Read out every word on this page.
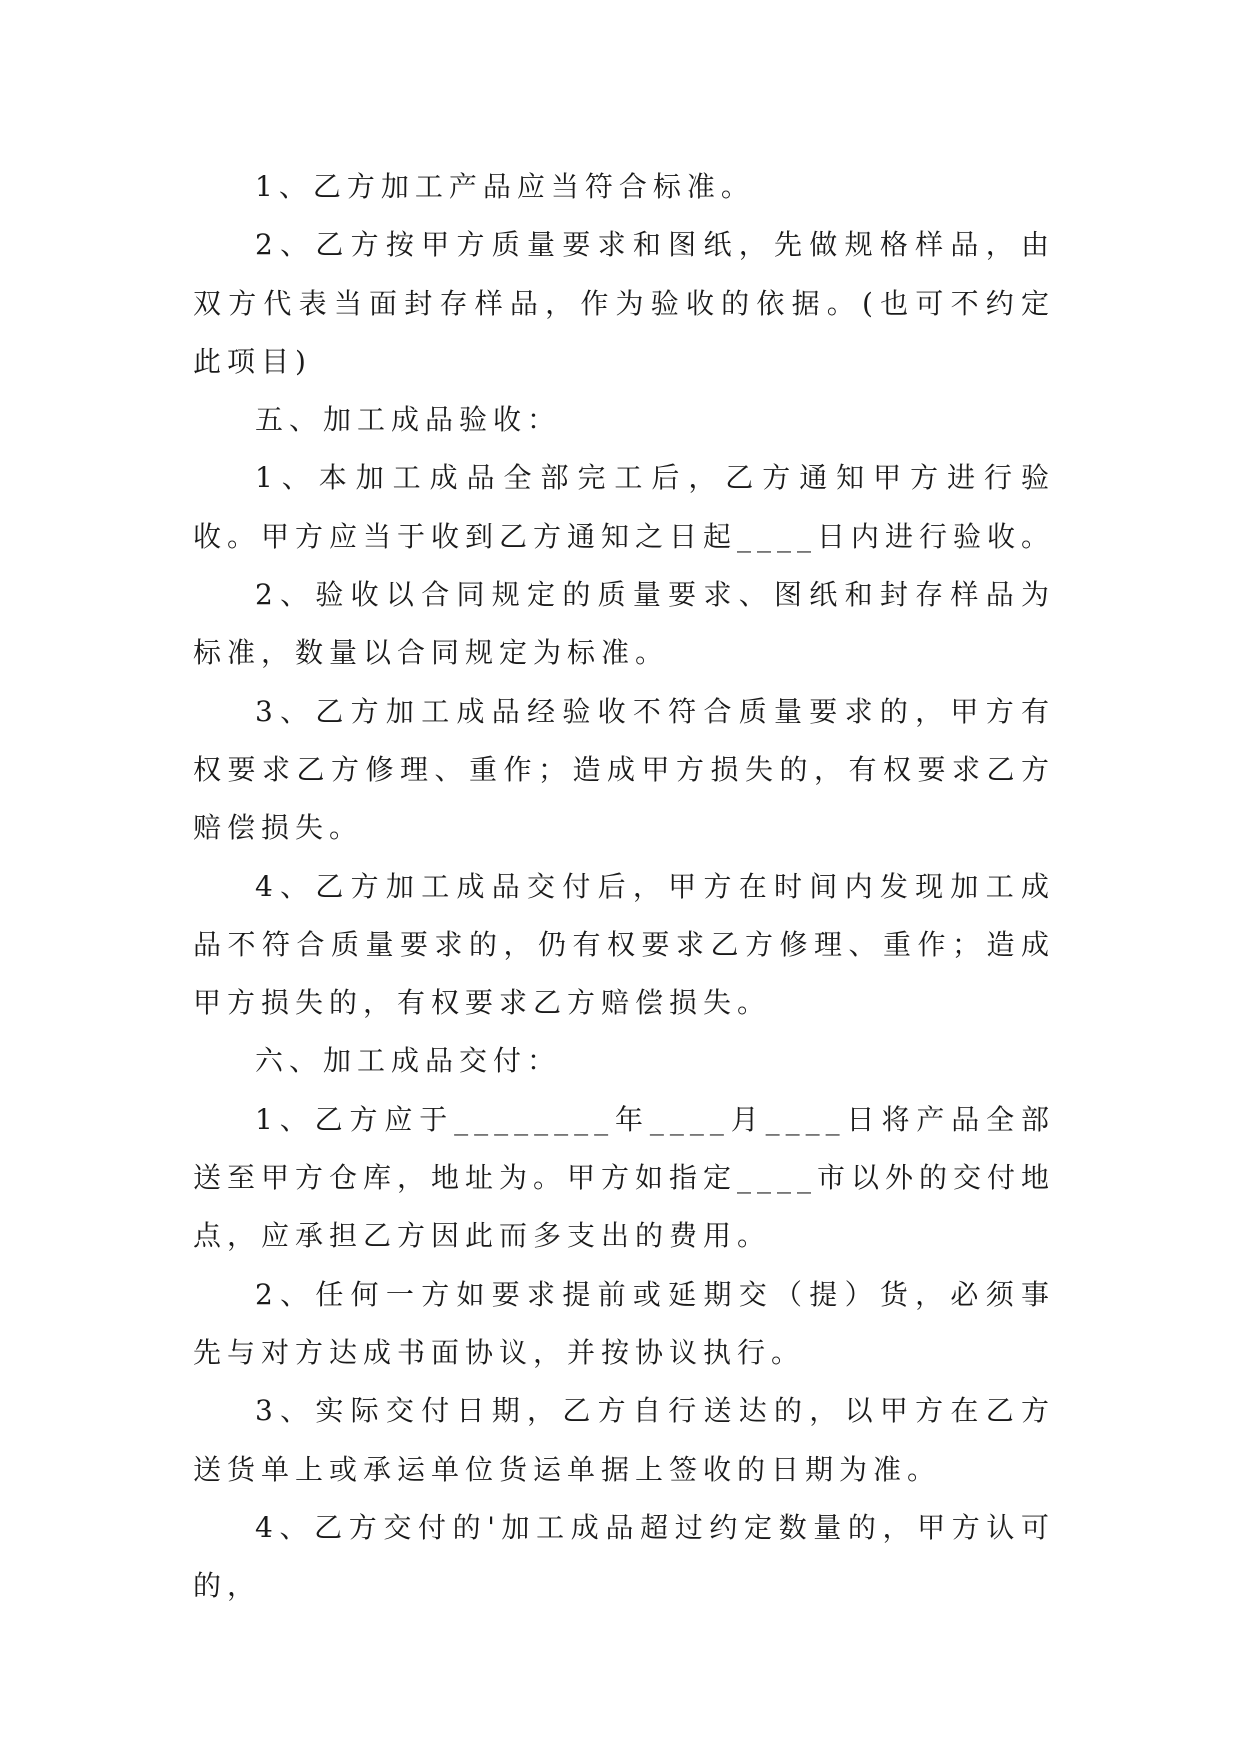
1、乙方加工产品应当符合标准。

2、乙方按甲方质量要求和图纸，先做规格样品，由双方代表当面封存样品，作为验收的依据。(也可不约定此项目)

五、加工成品验收：

1、本加工成品全部完工后，乙方通知甲方进行验收。甲方应当于收到乙方通知之日起____日内进行验收。

2、验收以合同规定的质量要求、图纸和封存样品为标准，数量以合同规定为标准。

3、乙方加工成品经验收不符合质量要求的，甲方有权要求乙方修理、重作；造成甲方损失的，有权要求乙方赔偿损失。

4、乙方加工成品交付后，甲方在时间内发现加工成品不符合质量要求的，仍有权要求乙方修理、重作；造成甲方损失的，有权要求乙方赔偿损失。

六、加工成品交付：

1、乙方应于________年____月____日将产品全部送至甲方仓库，地址为。甲方如指定____市以外的交付地点，应承担乙方因此而多支出的费用。

2、任何一方如要求提前或延期交（提）货，必须事先与对方达成书面协议，并按协议执行。

3、实际交付日期，乙方自行送达的，以甲方在乙方送货单上或承运单位货运单据上签收的日期为准。

4、乙方交付的'加工成品超过约定数量的，甲方认可的，
